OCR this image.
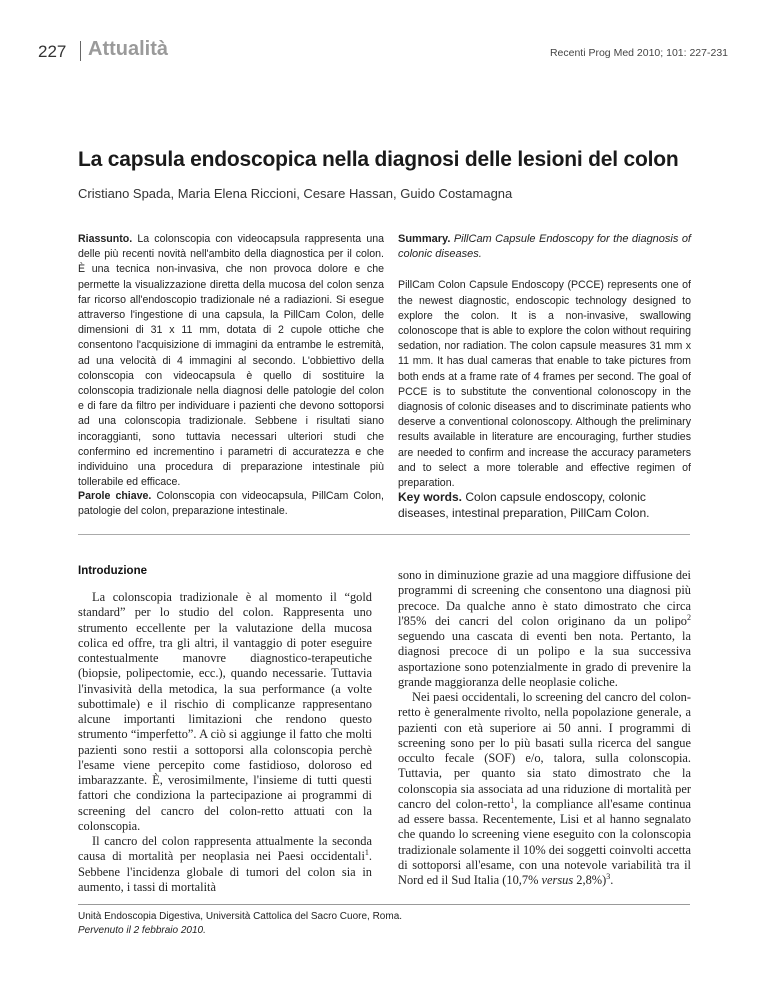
227 Attualità	Recenti Prog Med 2010; 101: 227-231
La capsula endoscopica nella diagnosi delle lesioni del colon
Cristiano Spada, Maria Elena Riccioni, Cesare Hassan, Guido Costamagna

Riassunto. La colonscopia con videocapsula rappresenta una delle più recenti novità nell'ambito della diagnostica per il colon. È una tecnica non-invasiva, che non provoca dolore e che permette la visualizzazione diretta della mucosa del colon senza far ricorso all'endoscopio tradizionale né a radiazioni. Si esegue attraverso l'ingestione di una capsula, la PillCam Colon, delle dimensioni di 31 x 11 mm, dotata di 2 cupole ottiche che consentono l'acquisizione di immagini da entrambe le estremità, ad una velocità di 4 immagini al secondo. L'obbiettivo della colonscopia con videocapsula è quello di sostituire la colonscopia tradizionale nella diagnosi delle patologie del colon e di fare da filtro per individuare i pazienti che devono sottoporsi ad una colonscopia tradizionale. Sebbene i risultati siano incoraggianti, sono tuttavia necessari ulteriori studi che confermino ed incrementino i parametri di accuratezza e che individuino una procedura di preparazione intestinale più tollerabile ed efficace.

Summary. PillCam Capsule Endoscopy for the diagnosis of colonic diseases.

PillCam Colon Capsule Endoscopy (PCCE) represents one of the newest diagnostic, endoscopic technology designed to explore the colon. It is a non-invasive, swallowing colonoscope that is able to explore the colon without requiring sedation, nor radiation. The colon capsule measures 31 mm x 11 mm. It has dual cameras that enable to take pictures from both ends at a frame rate of 4 frames per second. The goal of PCCE is to substitute the conventional colonoscopy in the diagnosis of colonic diseases and to discriminate patients who deserve a conventional colonoscopy. Although the preliminary results available in literature are encouraging, further studies are needed to confirm and increase the accuracy parameters and to select a more tolerable and effective regimen of preparation.

Parole chiave. Colonscopia con videocapsula, PillCam Colon, patologie del colon, preparazione intestinale.
Key words. Colon capsule endoscopy, colonic diseases, intestinal preparation, PillCam Colon.
Introduzione

La colonscopia tradizionale è al momento il “gold standard” per lo studio del colon. Rappresenta uno strumento eccellente per la valutazione della mucosa colica ed offre, tra gli altri, il vantaggio di poter eseguire contestualmente manovre diagnostico-terapeutiche (biopsie, polipectomie, ecc.), quando necessarie. Tuttavia l'invasività della metodica, la sua performance (a volte subottimale) e il rischio di complicanze rappresentano alcune importanti limitazioni che rendono questo strumento “imperfetto”. A ciò si aggiunge il fatto che molti pazienti sono restii a sottoporsi alla colonscopia perchè l'esame viene percepito come fastidioso, doloroso ed imbarazzante. È, verosimilmente, l'insieme di tutti questi fattori che condiziona la partecipazione ai programmi di screening del cancro del colon-retto attuati con la colonscopia.

Il cancro del colon rappresenta attualmente la seconda causa di mortalità per neoplasia nei Paesi occidentali$^1$. Sebbene l'incidenza globale di tumori del colon sia in aumento, i tassi di mortalità

sono in diminuzione grazie ad una maggiore diffusione dei programmi di screening che consentono una diagnosi più precoce. Da qualche anno è stato dimostrato che circa l'85% dei cancri del colon originano da un polipo$^2$ seguendo una cascata di eventi ben nota. Pertanto, la diagnosi precoce di un polipo e la sua successiva asportazione sono potenzialmente in grado di prevenire la grande maggioranza delle neoplasie coliche.

Nei paesi occidentali, lo screening del cancro del colon-retto è generalmente rivolto, nella popolazione generale, a pazienti con età superiore ai 50 anni. I programmi di screening sono per lo più basati sulla ricerca del sangue occulto fecale (SOF) e/o, talora, sulla colonscopia. Tuttavia, per quanto sia stato dimostrato che la colonscopia sia associata ad una riduzione di mortalità per cancro del colon-retto$^1$, la compliance all'esame continua ad essere bassa. Recentemente, Lisi et al hanno segnalato che quando lo screening viene eseguito con la colonscopia tradizionale solamente il 10% dei soggetti coinvolti accetta di sottoporsi all'esame, con una notevole variabilità tra il Nord ed il Sud Italia (10,7% versus 2,8%)$^3$.

Unità Endoscopia Digestiva, Università Cattolica del Sacro Cuore, Roma.
Pervenuto il 2 febbraio 2010.
